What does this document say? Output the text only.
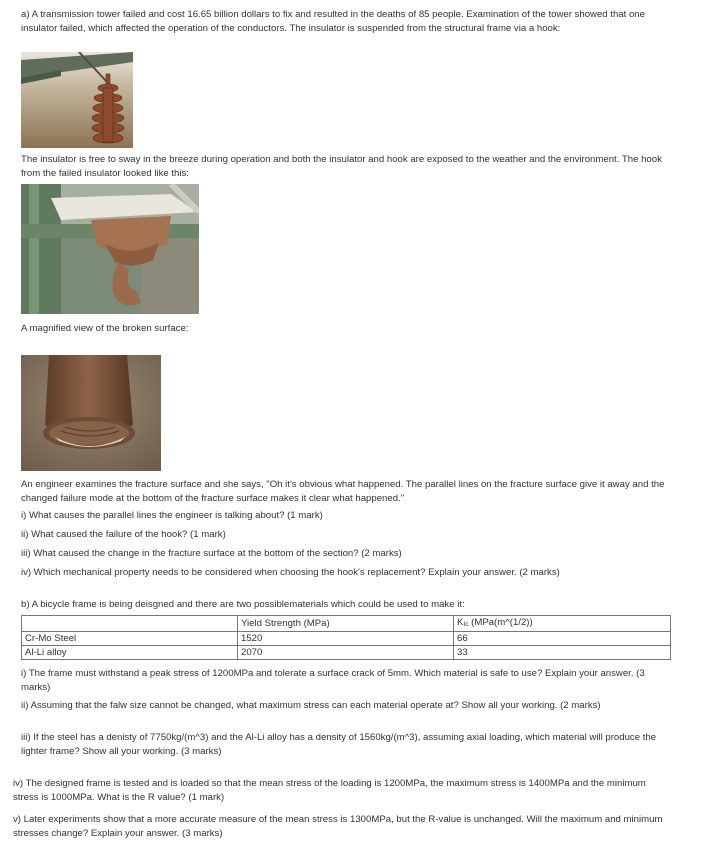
a) A transmission tower failed and cost 16.65 billion dollars to fix and resulted in the deaths of 85 people. Examination of the tower showed that one insulator failed, which affected the operation of the conductors. The insulator is suspended from the structural frame via a hook:

The insulator is free to sway in the breeze during operation and both the insulator and hook are exposed to the weather and the environment. The hook from the failed insulator looked like this:

A magnified view of the broken surface:

An engineer examines the fracture surface and she says, "Oh it's obvious what happened. The parallel lines on the fracture surface give it away and the changed failure mode at the bottom of the fracture surface makes it clear what happened."

i) What causes the parallel lines the engineer is talking about? (1 mark)

ii) What caused the failure of the hook? (1 mark)

iii) What caused the change in the fracture surface at the bottom of the section? (2 marks)

iv) Which mechanical property needs to be considered when choosing the hook's replacement? Explain your answer. (2 marks)

b) A bicycle frame is being deisgned and there are two possiblematerials which could be used to make it:

	Yield Strength (MPa)	KIc (MPa(m^(1/2))
Cr-Mo Steel	1520	66
Al-Li alloy	2070	33

i) The frame must withstand a peak stress of 1200MPa and tolerate a surface crack of 5mm. Which material is safe to use? Explain your answer. (3 marks)

ii) Assuming that the falw size cannot be changed, what maximum stress can each material operate at? Show all your working. (2 marks)

iii) If the steel has a denisty of 7750kg/(m^3) and the Al-Li alloy has a density of 1560kg/(m^3), assuming axial loading, which material will produce the lighter frame? Show all your working. (3 marks)

iv) The designed frame is tested and is loaded so that the mean stress of the loading is 1200MPa, the maximum stress is 1400MPa and the minimum stress is 1000MPa. What is the R value? (1 mark)

v) Later experiments show that a more accurate measure of the mean stress is 1300MPa, but the R-value is unchanged. Will the maximum and minimum stresses change? Explain your answer. (3 marks)
